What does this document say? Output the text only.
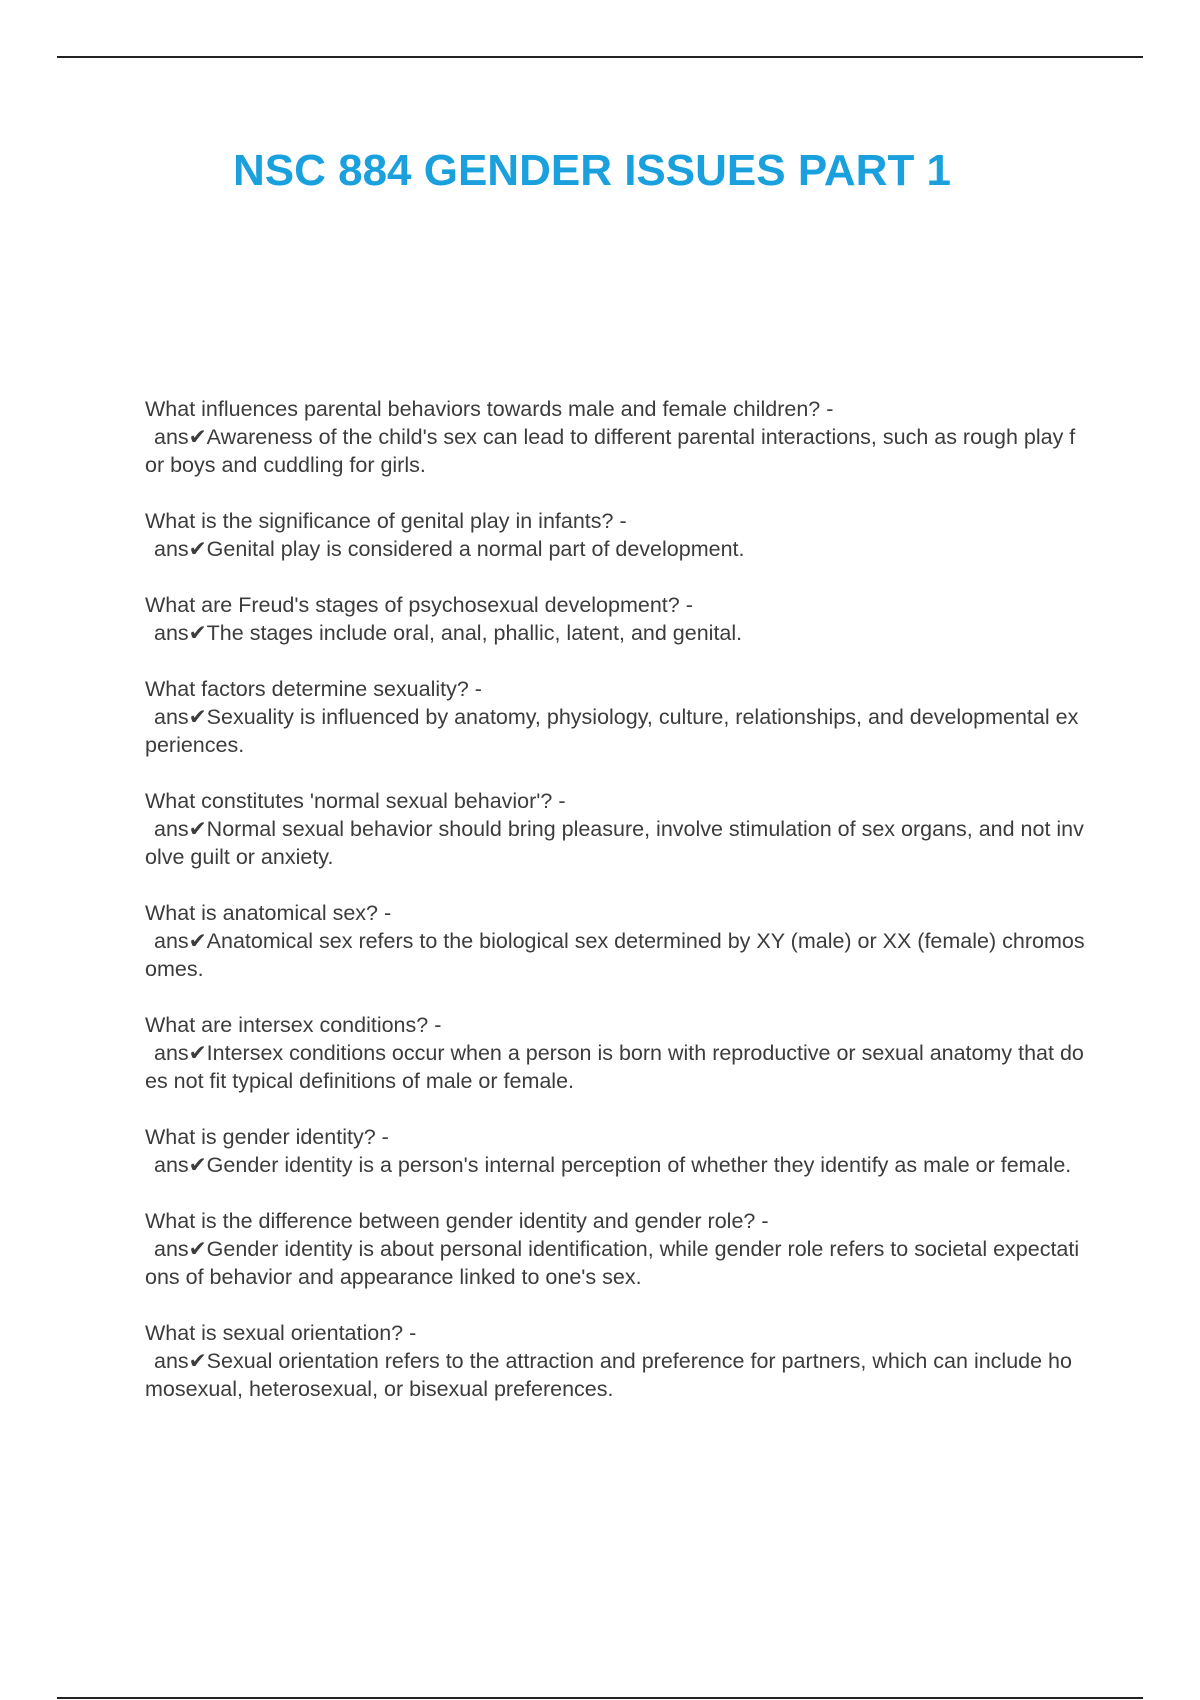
NSC 884 GENDER ISSUES PART 1

What influences parental behaviors towards male and female children? -

ans✔Awareness of the child's sex can lead to different parental interactions, such as rough play for boys and cuddling for girls.

What is the significance of genital play in infants? -

ans✔Genital play is considered a normal part of development.

What are Freud's stages of psychosexual development? -

ans✔The stages include oral, anal, phallic, latent, and genital.

What factors determine sexuality? -

ans✔Sexuality is influenced by anatomy, physiology, culture, relationships, and developmental experiences.

What constitutes 'normal sexual behavior'? -

ans✔Normal sexual behavior should bring pleasure, involve stimulation of sex organs, and not involve guilt or anxiety.

What is anatomical sex? -

ans✔Anatomical sex refers to the biological sex determined by XY (male) or XX (female) chromosomes.

What are intersex conditions? -

ans✔Intersex conditions occur when a person is born with reproductive or sexual anatomy that does not fit typical definitions of male or female.

What is gender identity? -

ans✔Gender identity is a person's internal perception of whether they identify as male or female.

What is the difference between gender identity and gender role? -

ans✔Gender identity is about personal identification, while gender role refers to societal expectations of behavior and appearance linked to one's sex.

What is sexual orientation? -

ans✔Sexual orientation refers to the attraction and preference for partners, which can include homosexual, heterosexual, or bisexual preferences.
